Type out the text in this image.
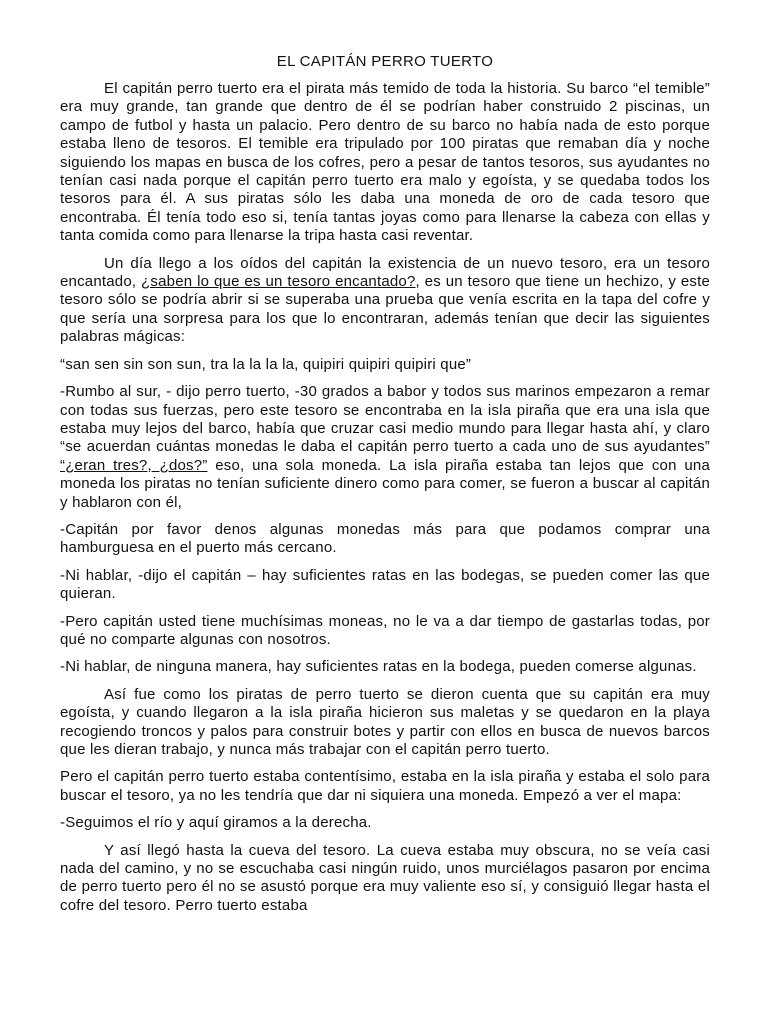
EL CAPITÁN PERRO TUERTO

El capitán perro tuerto era el pirata más temido de toda la historia. Su barco “el temible” era muy grande, tan grande que dentro de él se podrían haber construido 2 piscinas, un campo de futbol y hasta un palacio. Pero dentro de su barco no había nada de esto porque estaba lleno de tesoros. El temible era tripulado por 100 piratas que remaban día y noche siguiendo los mapas en busca de los cofres, pero a pesar de tantos tesoros, sus ayudantes no tenían casi nada porque el capitán perro tuerto era malo y egoísta, y se quedaba todos los tesoros para él. A sus piratas sólo les daba una moneda de oro de cada tesoro que encontraba. Él tenía todo eso si, tenía tantas joyas como para llenarse la cabeza con ellas y tanta comida como para llenarse la tripa hasta casi reventar.

Un día llego a los oídos del capitán la existencia de un nuevo tesoro, era un tesoro encantado, ¿saben lo que es un tesoro encantado?, es un tesoro que tiene un hechizo, y este tesoro sólo se podría abrir si se superaba una prueba que venía escrita en la tapa del cofre y que sería una sorpresa para los que lo encontraran, además tenían que decir las siguientes palabras mágicas:

“san sen sin son sun, tra la la la la, quipiri quipiri quipiri que”

-Rumbo al sur, - dijo perro tuerto, -30 grados a babor y todos sus marinos empezaron a remar con todas sus fuerzas, pero este tesoro se encontraba en la isla piraña que era una isla que estaba muy lejos del barco, había que cruzar casi medio mundo para llegar hasta ahí, y claro “se acuerdan cuántas monedas le daba el capitán perro tuerto a cada uno de sus ayudantes” “¿eran tres?, ¿dos?” eso, una sola moneda. La isla piraña estaba tan lejos que con una moneda los piratas no tenían suficiente dinero como para comer, se fueron a buscar al capitán y hablaron con él,

-Capitán por favor denos algunas monedas más para que podamos comprar una hamburguesa en el puerto más cercano.

-Ni hablar, -dijo el capitán – hay suficientes ratas en las bodegas, se pueden comer las que quieran.

-Pero capitán usted tiene muchísimas moneas, no le va a dar tiempo de gastarlas todas, por qué no comparte algunas con nosotros.

-Ni hablar, de ninguna manera, hay suficientes ratas en la bodega, pueden comerse algunas.

Así fue como los piratas de perro tuerto se dieron cuenta que su capitán era muy egoísta, y cuando llegaron a la isla piraña hicieron sus maletas y se quedaron en la playa recogiendo troncos y palos para construir botes y partir con ellos en busca de nuevos barcos que les dieran trabajo, y nunca más trabajar con el capitán perro tuerto.

Pero el capitán perro tuerto estaba contentísimo, estaba en la isla piraña y estaba el solo para buscar el tesoro, ya no les tendría que dar ni siquiera una moneda. Empezó a ver el mapa:

-Seguimos el río y aquí giramos a la derecha.

Y así llegó hasta la cueva del tesoro. La cueva estaba muy obscura, no se veía casi nada del camino, y no se escuchaba casi ningún ruido, unos murciélagos pasaron por encima de perro tuerto pero él no se asustó porque era muy valiente eso sí, y consiguió llegar hasta el cofre del tesoro. Perro tuerto estaba
